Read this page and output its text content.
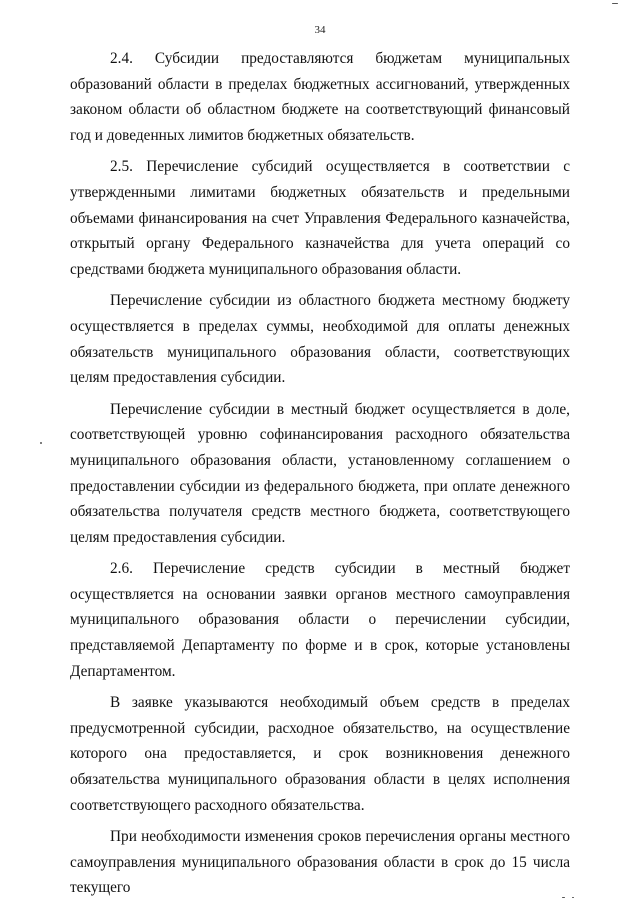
34

2.4. Субсидии предоставляются бюджетам муниципальных образований области в пределах бюджетных ассигнований, утвержденных законом области об областном бюджете на соответствующий финансовый год и доведенных лимитов бюджетных обязательств.

2.5. Перечисление субсидий осуществляется в соответствии с утвержденными лимитами бюджетных обязательств и предельными объемами финансирования на счет Управления Федерального казначейства, открытый органу Федерального казначейства для учета операций со средствами бюджета муниципального образования области.

Перечисление субсидии из областного бюджета местному бюджету осуществляется в пределах суммы, необходимой для оплаты денежных обязательств муниципального образования области, соответствующих целям предоставления субсидии.

Перечисление субсидии в местный бюджет осуществляется в доле, соответствующей уровню софинансирования расходного обязательства муниципального образования области, установленному соглашением о предоставлении субсидии из федерального бюджета, при оплате денежного обязательства получателя средств местного бюджета, соответствующего целям предоставления субсидии.

2.6. Перечисление средств субсидии в местный бюджет осуществляется на основании заявки органов местного самоуправления муниципального образования области о перечислении субсидии, представляемой Департаменту по форме и в срок, которые установлены Департаментом.

В заявке указываются необходимый объем средств в пределах предусмотренной субсидии, расходное обязательство, на осуществление которого она предоставляется, и срок возникновения денежного обязательства муниципального образования области в целях исполнения соответствующего расходного обязательства.

При необходимости изменения сроков перечисления органы местного самоуправления муниципального образования области в срок до 15 числа текущего
